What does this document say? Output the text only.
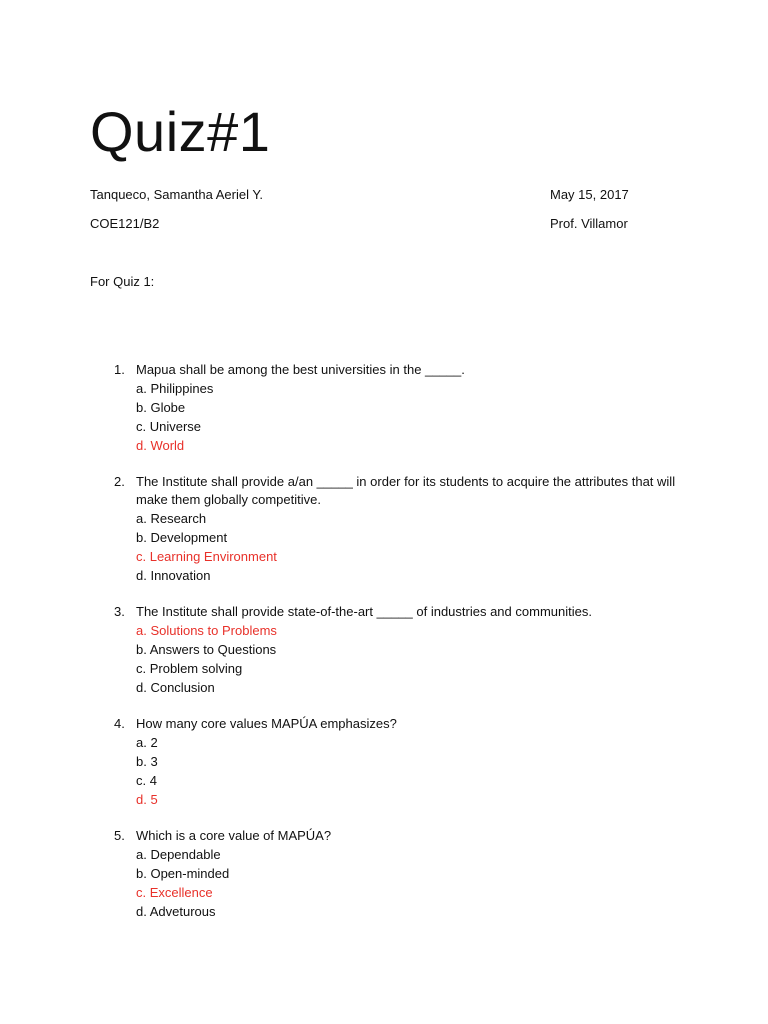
Quiz#1
Tanqueco, Samantha Aeriel Y.	May 15, 2017
COE121/B2	Prof. Villamor
For Quiz 1:
1. Mapua shall be among the best universities in the _____.

a. Philippines
b. Globe
c. Universe
d. World
2. The Institute shall provide a/an _____ in order for its students to acquire the attributes that will make them globally competitive.

a. Research
b. Development
c. Learning Environment
d. Innovation
3. The Institute shall provide state-of-the-art _____ of industries and communities.

a. Solutions to Problems
b. Answers to Questions
c. Problem solving
d. Conclusion
4. How many core values MAPÚA emphasizes?

a. 2
b. 3
c. 4
d. 5
5. Which is a core value of MAPÚA?

a. Dependable
b. Open-minded
c. Excellence
d. Adveturous
